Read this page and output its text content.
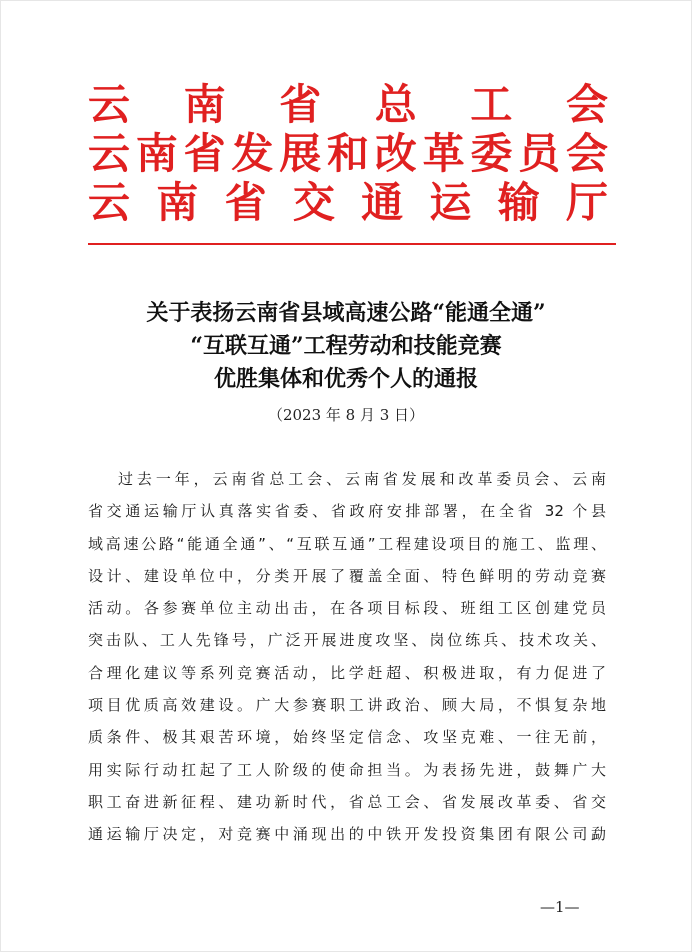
云南省总工会
云南省发展和改革委员会
云南省交通运输厅
关于表扬云南省县域高速公路“能通全通”
“互联互通”工程劳动和技能竞赛
优胜集体和优秀个人的通报
（2023 年 8 月 3 日）
过去一年，云南省总工会、云南省发展和改革委员会、云南
省交通运输厅认真落实省委、省政府安排部署，在全省 32 个县
域高速公路“能通全通”、“互联互通”工程建设项目的施工、监理、
设计、建设单位中，分类开展了覆盖全面、特色鲜明的劳动竞赛
活动。各参赛单位主动出击，在各项目标段、班组工区创建党员
突击队、工人先锋号，广泛开展进度攻坚、岗位练兵、技术攻关、
合理化建议等系列竞赛活动，比学赶超、积极进取，有力促进了
项目优质高效建设。广大参赛职工讲政治、顾大局，不惧复杂地
质条件、极其艰苦环境，始终坚定信念、攻坚克难、一往无前，
用实际行动扛起了工人阶级的使命担当。为表扬先进，鼓舞广大
职工奋进新征程、建功新时代，省总工会、省发展改革委、省交
通运输厅决定，对竞赛中涌现出的中铁开发投资集团有限公司勐
—1—
